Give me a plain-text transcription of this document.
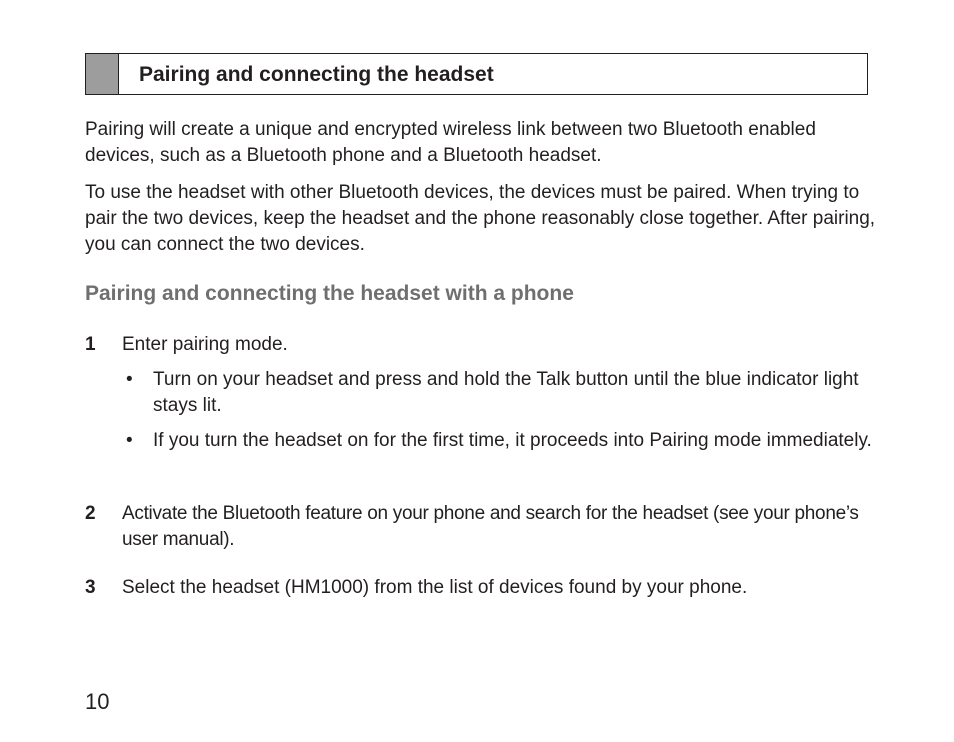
Pairing and connecting the headset

Pairing will create a unique and encrypted wireless link between two Bluetooth enabled devices, such as a Bluetooth phone and a Bluetooth headset.

To use the headset with other Bluetooth devices, the devices must be paired. When trying to pair the two devices, keep the headset and the phone reasonably close together. After pairing, you can connect the two devices.

Pairing and connecting the headset with a phone
1 Enter pairing mode.
• Turn on your headset and press and hold the Talk button until the blue indicator light stays lit.
• If you turn the headset on for the first time, it proceeds into Pairing mode immediately.
2 Activate the Bluetooth feature on your phone and search for the headset (see your phone’s user manual).
3 Select the headset (HM1000) from the list of devices found by your phone.
10
